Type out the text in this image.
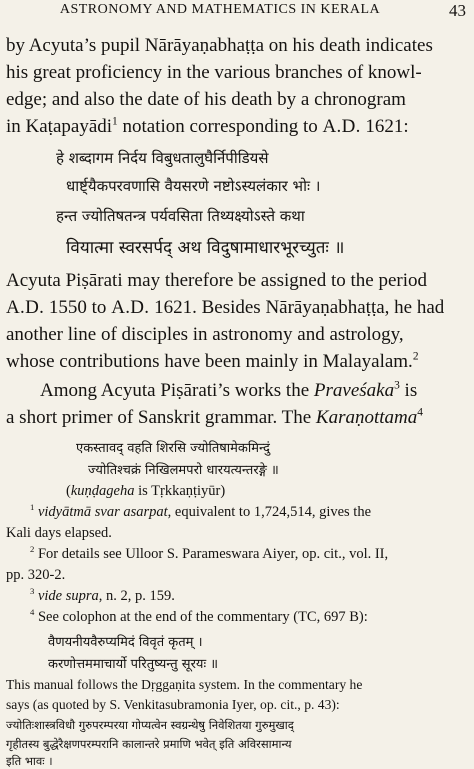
ASTRONOMY AND MATHEMATICS IN KERALA	43
by Acyuta’s pupil Nārāyaṇabhaṭṭa on his death indicates
his great proficiency in the various branches of knowl-
edge; and also the date of his death by a chronogram
in Kaṭapayādi$^1$ notation corresponding to A.D. 1621:
हे शब्दागम निर्दय विबुधतालुघैर्निपीडियसे
धार्ष्ट्यैकपरवणासि वैयसरणे नष्टोऽस्यलंकार भोः ।
हन्त ज्योतिषतन्त्र पर्यवसिता तिथ्यक्ष्योऽस्ते कथा
वियात्मा स्वरसर्पद् अथ विदुषामाधारभूरच्युतः ॥
Acyuta Piṣārati may therefore be assigned to the period
A.D. 1550 to A.D. 1621. Besides Nārāyaṇabhaṭṭa, he had
another line of disciples in astronomy and astrology,
whose contributions have been mainly in Malayalam.$^2$
Among Acyuta Piṣārati’s works the Praveśaka$^3$ is
a short primer of Sanskrit grammar. The Karaṇottama$^4$
एकस्तावद् वहति शिरसि ज्योतिषामेकमिन्दुं
ज्योतिश्चक्रं निखिलमपरो धारयत्यन्तरङ्गे ॥
(kuṇḍageha is Tṛkkaṇṭiyūr)
$^1$ vidyātmā svar asarpat, equivalent to 1,724,514, gives the
Kali days elapsed.
$^2$ For details see Ulloor S. Parameswara Aiyer, op. cit., vol. II,
pp. 320-2.
$^3$ vide supra, n. 2, p. 159.
$^4$ See colophon at the end of the commentary (TC, 697 B):
वैणयनीयवैरुप्यमिदं विवृतं कृतम् ।
करणोत्तममाचार्यो परितुष्यन्तु सूरयः ॥
This manual follows the Dṛggaṇita system. In the commentary he
says (as quoted by S. Venkitasubramonia Iyer, op. cit., p. 43):
ज्योतिःशास्त्रविधौ गुरुपरम्परया गोप्यत्वेन स्वग्रन्थेषु निवेशितया गुरुमुखाद्
गृहीतस्य बुद्धेरैक्षणपरम्परानि कालान्तरे प्रमाणि भवेत् इति अविरसामान्य
इति भावः ।
